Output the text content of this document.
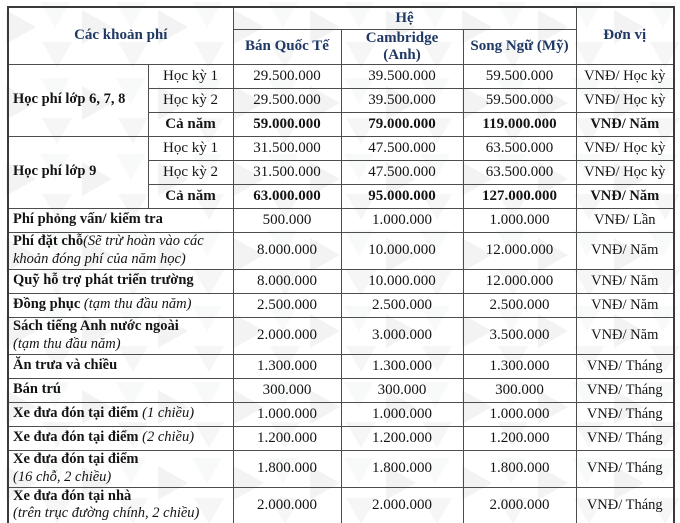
Các khoản phí		Hệ			Đơn vị
		Bán Quốc Tế	Cambridge (Anh)	Song Ngữ (Mỹ)	
Học phí lớp 6, 7, 8	Học kỳ 1	29.500.000	39.500.000	59.500.000	VNĐ/ Học kỳ
	Học kỳ 2	29.500.000	39.500.000	59.500.000	VNĐ/ Học kỳ
	Cả năm	59.000.000	79.000.000	119.000.000	VNĐ/ Năm
Học phí lớp 9	Học kỳ 1	31.500.000	47.500.000	63.500.000	VNĐ/ Học kỳ
	Học kỳ 2	31.500.000	47.500.000	63.500.000	VNĐ/ Học kỳ
	Cả năm	63.000.000	95.000.000	127.000.000	VNĐ/ Năm
Phí phỏng vấn/ kiểm tra		500.000	1.000.000	1.000.000	VNĐ/ Lần
Phí đặt chỗ(Sẽ trừ hoàn vào các khoản đóng phí của năm học)		8.000.000	10.000.000	12.000.000	VNĐ/ Năm
Quỹ hỗ trợ phát triển trường		8.000.000	10.000.000	12.000.000	VNĐ/ Năm
Đồng phục (tạm thu đầu năm)		2.500.000	2.500.000	2.500.000	VNĐ/ Năm
Sách tiếng Anh nước ngoài (tạm thu đầu năm)		2.000.000	3.000.000	3.500.000	VNĐ/ Năm
Ăn trưa và chiều		1.300.000	1.300.000	1.300.000	VNĐ/ Tháng
Bán trú		300.000	300.000	300.000	VNĐ/ Tháng
Xe đưa đón tại điểm (1 chiều)		1.000.000	1.000.000	1.000.000	VNĐ/ Tháng
Xe đưa đón tại điểm (2 chiều)		1.200.000	1.200.000	1.200.000	VNĐ/ Tháng
Xe đưa đón tại điểm (16 chỗ, 2 chiều)		1.800.000	1.800.000	1.800.000	VNĐ/ Tháng
Xe đưa đón tại nhà (trên trục đường chính, 2 chiều)		2.000.000	2.000.000	2.000.000	VNĐ/ Tháng
